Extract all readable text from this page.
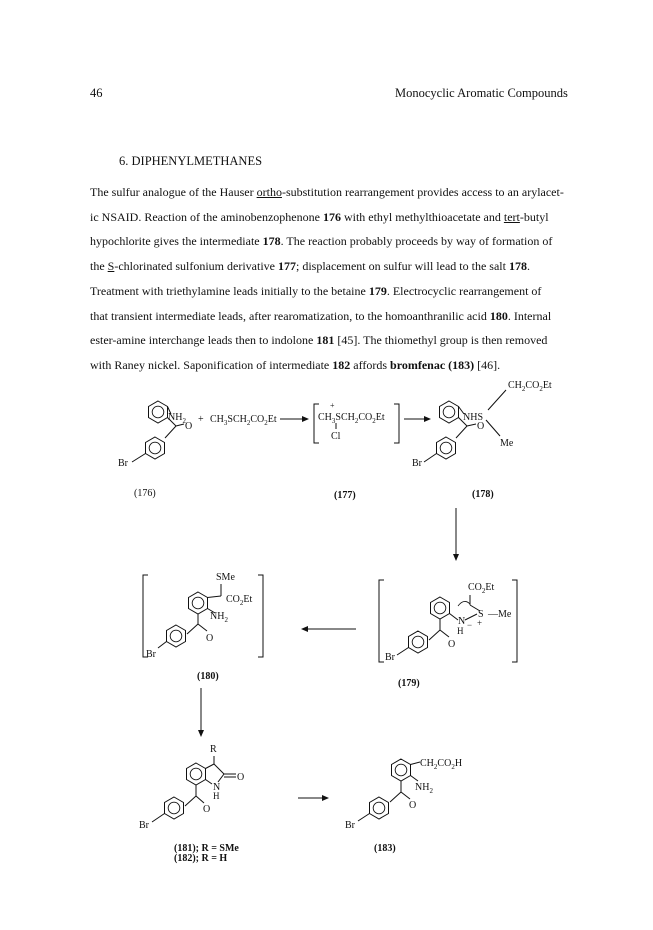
46	Monocyclic Aromatic Compounds
6. DIPHENYLMETHANES
The sulfur analogue of the Hauser ortho-substitution rearrangement provides access to an arylacet-
ic NSAID. Reaction of the aminobenzophenone 176 with ethyl methylthioacetate and tert-butyl
hypochlorite gives the intermediate 178. The reaction probably proceeds by way of formation of
the S-chlorinated sulfonium derivative 177; displacement on sulfur will lead to the salt 178.
Treatment with triethylamine leads initially to the betaine 179. Electrocyclic rearrangement of
that transient intermediate leads, after rearomatization, to the homoanthranilic acid 180. Internal
ester-amine interchange leads then to indolone 181 [45]. The thiomethyl group is then removed
with Raney nickel. Saponification of intermediate 182 affords bromfenac (183) [46].
$NH_2$ O
Br
(176)
+ $CH_3SCH_2CO_2Et$
+
$CH_3SCH_2CO_2Et$
Cl
(177)
NHS
$CH_2CO_2Et$
Me
O
Br
(178)
SMe
$CO_2Et$
$NH_2$
O
Br
(180)
$CO_2Et$
N
H
S —Me
+
−
O
Br
(179)
R
O
N
H
O
Br
(181); R = SMe
(182); R = H
$CH_2CO_2H$
$NH_2$
O
Br
(183)
